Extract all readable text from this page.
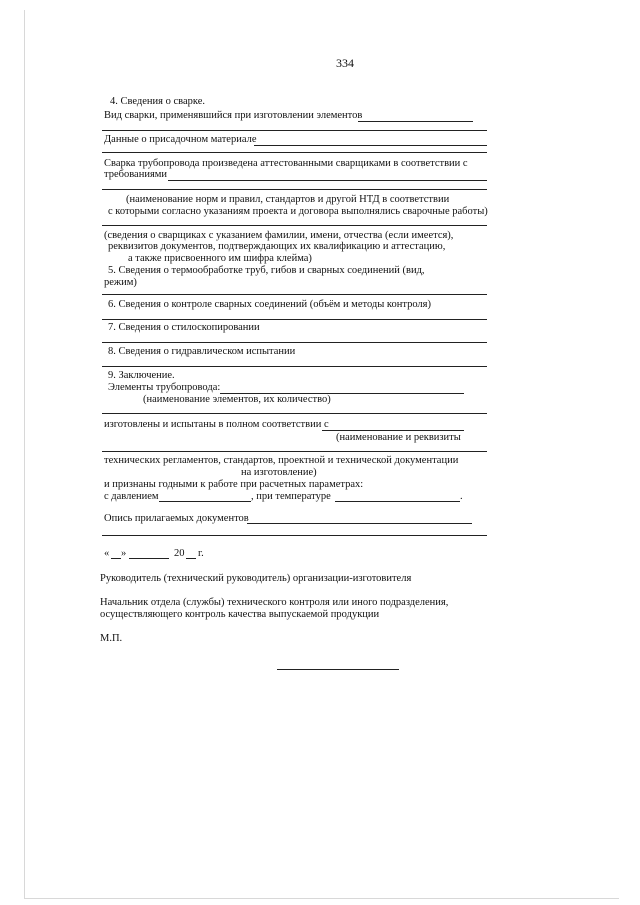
334
4. Сведения о сварке.
Вид сварки, применявшийся при изготовлении элементов
Данные о присадочном материале
Сварка трубопровода произведена аттестованными сварщиками в соответствии с
требованиями
(наименование норм и правил, стандартов и другой НТД в соответствии
с которыми согласно указаниям проекта и договора выполнялись сварочные работы)
(сведения о сварщиках с указанием фамилии, имени, отчества (если имеется),
реквизитов документов, подтверждающих их квалификацию и аттестацию,
а также присвоенного им шифра клейма)
5. Сведения о термообработке труб, гибов и сварных соединений (вид,
режим)
6. Сведения о контроле сварных соединений (объём и методы контроля)
7. Сведения о стилоскопировании
8. Сведения о гидравлическом испытании
9. Заключение.
Элементы трубопровода:
(наименование элементов, их количество)
изготовлены и испытаны в полном соответствии с
(наименование и реквизиты
технических регламентов, стандартов, проектной и технической документации
на изготовление)
и признаны годными к работе при расчетных параметрах:
с давлением	, при температуре	.
Опись прилагаемых документов
« »	20 г.
Руководитель (технический руководитель) организации-изготовителя
Начальник отдела (службы) технического контроля или иного подразделения,
осуществляющего контроль качества выпускаемой продукции
М.П.
